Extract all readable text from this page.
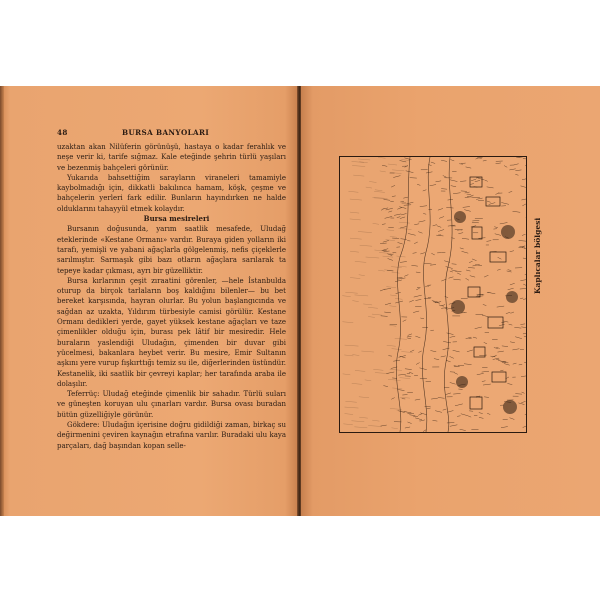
48	BURSA BANYOLARI

uzaktan akan Nilüferin görünüşü, hastaya o kadar ferahlık ve neşe verir ki, tarife sığmaz. Kale eteğinde şehrin türlü yaşıları ve bezenmiş bahçeleri görünür.

Yukarıda bahsettiğim sarayların viraneleri tamamiyle kaybolmadığı için, dikkatli bakılınca hamam, köşk, çeşme ve bahçelerin yerleri fark edilir. Bunların hayındırken ne halde olduklarını tahayyül etmek kolaydır.

Bursa mesireleri

Bursanın doğusunda, yarım saatlik mesafede, Uludağ eteklerinde «Kestane Ormanı» vardır. Buraya giden yolların iki tarafı, yemişli ve yabani ağaçlarla gölgelenmiş, nefis çiçeklerle sarılmıştır. Sarmaşık gibi bazı otların ağaçlara sarılarak ta tepeye kadar çıkması, ayrı bir güzelliktir.

Bursa kırlarının çeşit zıraatini görenler, —hele İstanbulda oturup da birçok tarlaların boş kaldığını bilenler— bu bet bereket karşısında, hayran olurlar. Bu yolun başlangıcında ve sağdan az uzakta, Yıldırım türbesiyle camisi görülür. Kestane Ormanı dedikleri yerde, gayet yüksek kestane ağaçları ve taze çimenlikler olduğu için, burası pek lâtif bir mesiredir. Hele buraların yaslendiği Uludağın, çimenden bir duvar gibi yücelmesi, bakanlara heybet verir. Bu mesire, Emir Sultanın aşkını yere vurup fışkırttığı temiz su ile, diğerlerinden üstündür. Kestanelik, iki saatlik bir çevreyi kaplar; her tarafında araba ile dolaşılır.

Teferrüç: Uludağ eteğinde çimenlik bir sahadır. Türlü suları ve güneşten koruyan ulu çınarları vardır. Bursa ovası buradan bütün güzelliğiyle görünür.

Gökdere: Uludağın içerisine doğru gidildiği zaman, birkaç su değirmenini çeviren kaynağın etrafına varılır. Buradaki ulu kaya parçaları, dağ başından kopan selle-

Kaplıcalar bölgesi
